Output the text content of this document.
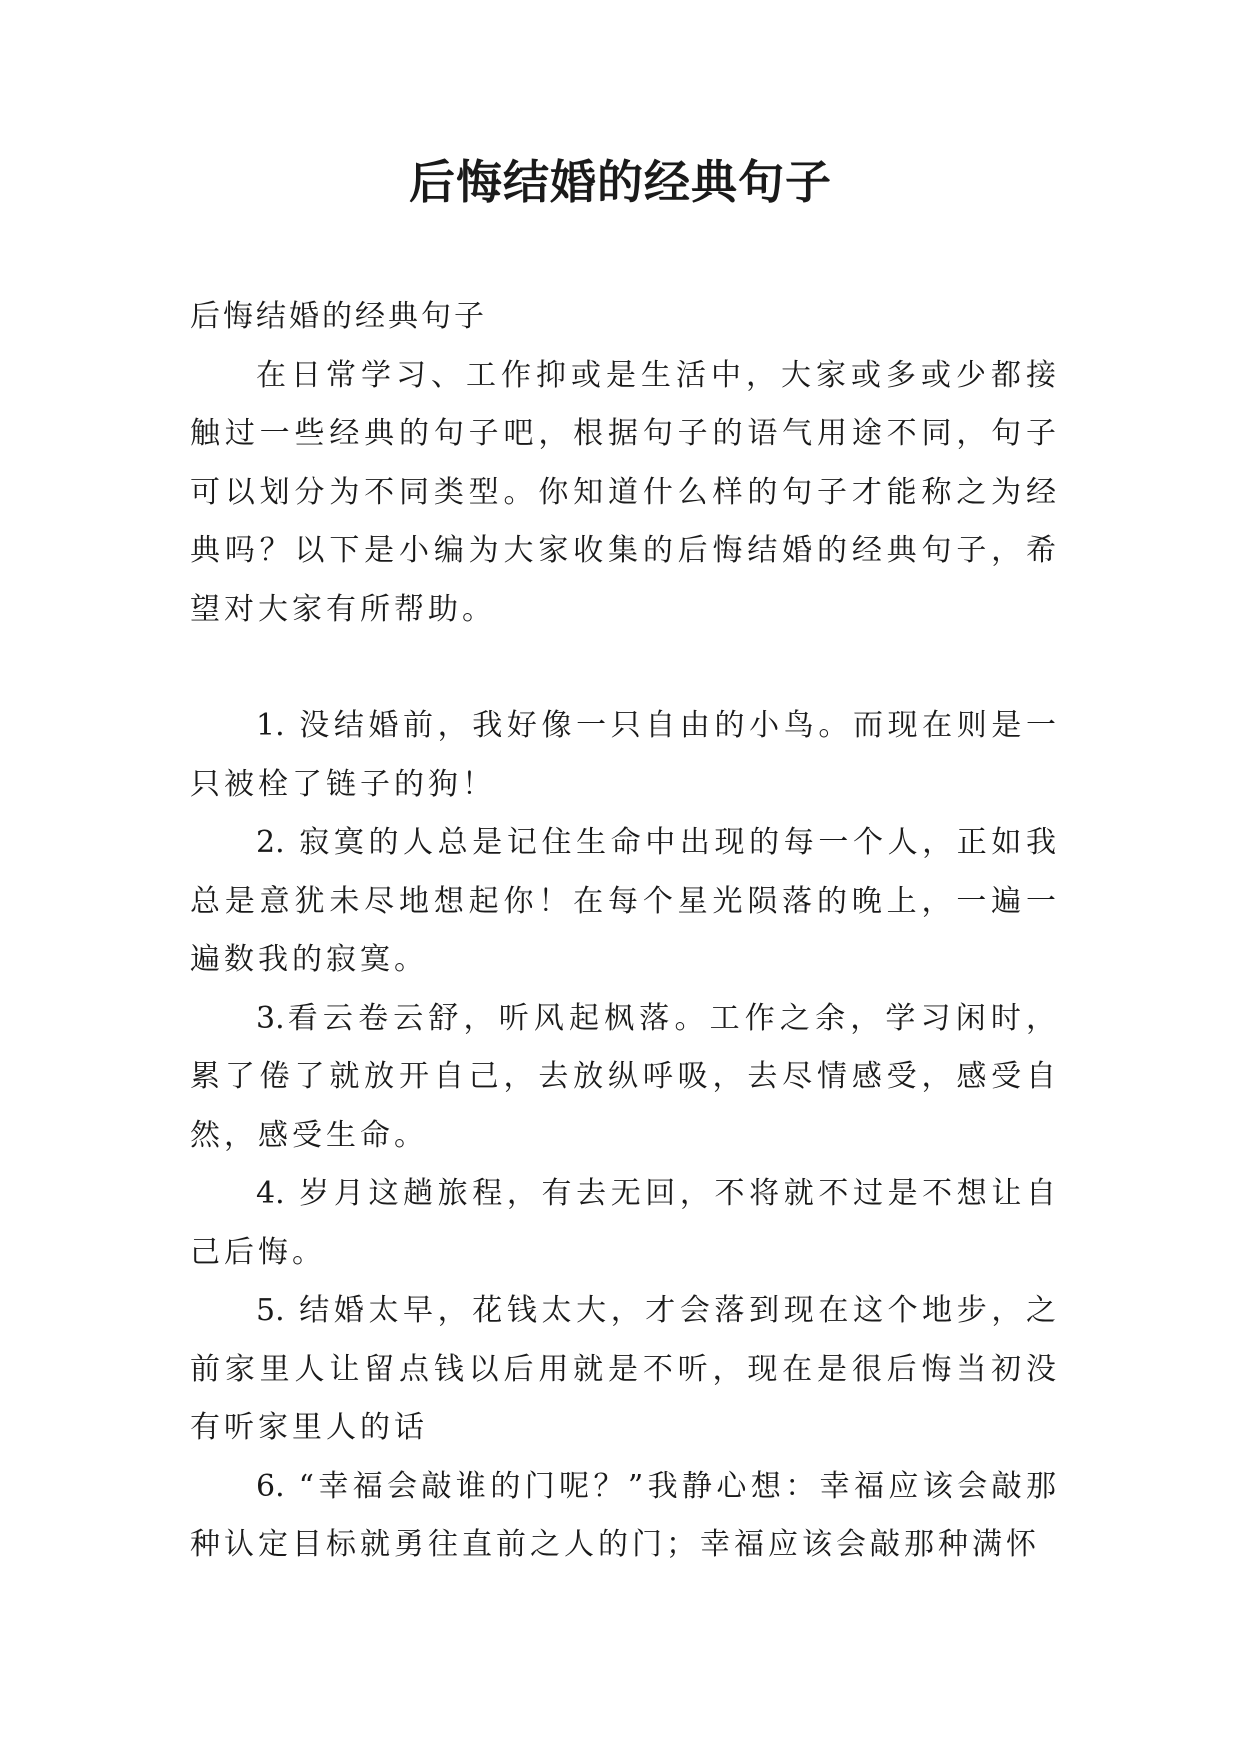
后悔结婚的经典句子

后悔结婚的经典句子

在日常学习、工作抑或是生活中，大家或多或少都接触过一些经典的句子吧，根据句子的语气用途不同，句子可以划分为不同类型。你知道什么样的句子才能称之为经典吗？以下是小编为大家收集的后悔结婚的经典句子，希望对大家有所帮助。

1. 没结婚前，我好像一只自由的小鸟。而现在则是一只被栓了链子的狗！

2. 寂寞的人总是记住生命中出现的每一个人，正如我总是意犹未尽地想起你！在每个星光陨落的晚上，一遍一遍数我的寂寞。

3.看云卷云舒，听风起枫落。工作之余，学习闲时，累了倦了就放开自己，去放纵呼吸，去尽情感受，感受自然，感受生命。

4. 岁月这趟旅程，有去无回，不将就不过是不想让自己后悔。

5. 结婚太早，花钱太大，才会落到现在这个地步，之前家里人让留点钱以后用就是不听，现在是很后悔当初没有听家里人的话

6. “幸福会敲谁的门呢？”我静心想：幸福应该会敲那种认定目标就勇往直前之人的门；幸福应该会敲那种满怀
